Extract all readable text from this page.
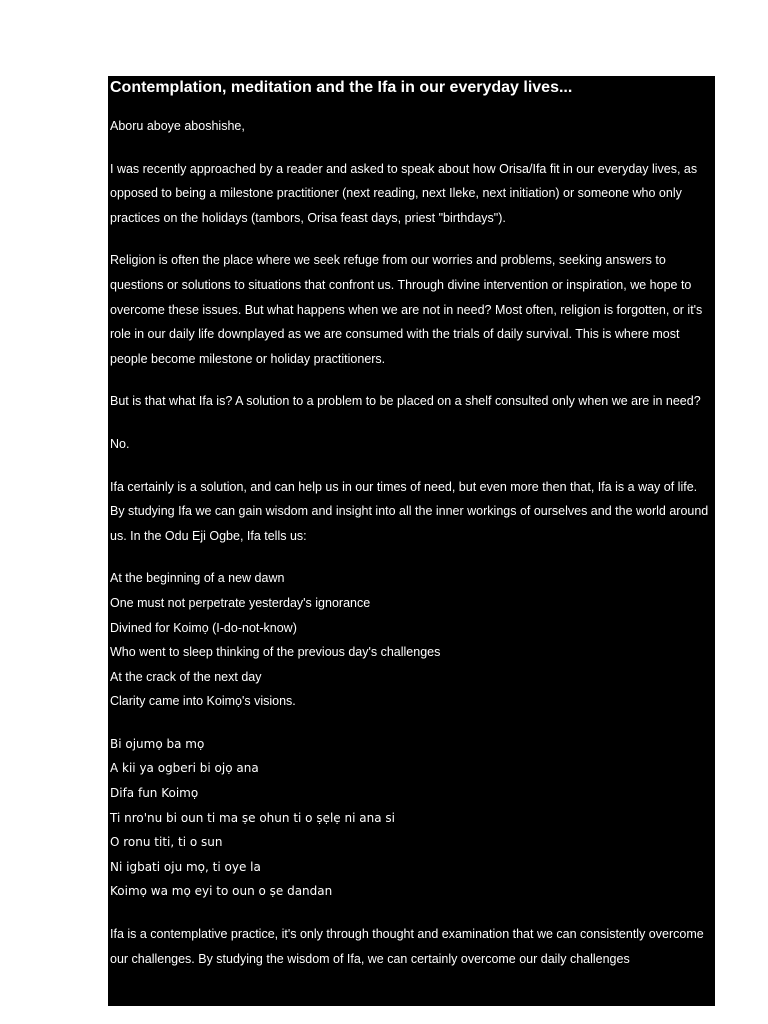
Contemplation, meditation and the Ifa in our everyday lives...

Aboru aboye aboshishe,

I was recently approached by a reader and asked to speak about how Orisa/Ifa fit in our everyday lives, as opposed to being a milestone practitioner (next reading, next Ileke, next initiation) or someone who only practices on the holidays (tambors, Orisa feast days, priest "birthdays").

Religion is often the place where we seek refuge from our worries and problems, seeking answers to questions or solutions to situations that confront us. Through divine intervention or inspiration, we hope to overcome these issues. But what happens when we are not in need? Most often, religion is forgotten, or it's role in our daily life downplayed as we are consumed with the trials of daily survival. This is where most people become milestone or holiday practitioners.

But is that what Ifa is? A solution to a problem to be placed on a shelf consulted only when we are in need?

No.

Ifa certainly is a solution, and can help us in our times of need, but even more then that, Ifa is a way of life. By studying Ifa we can gain wisdom and insight into all the inner workings of ourselves and the world around us. In the Odu Eji Ogbe, Ifa tells us:

At the beginning of a new dawn
One must not perpetrate yesterday's ignorance
Divined for Koimọ (I-do-not-know)
Who went to sleep thinking of the previous day's challenges
At the crack of the next day
Clarity came into Koimọ's visions.
Bi ojumọ ba mọ
A kii ya ogberi bi ojọ ana
Difa fun Koimọ
Ti nro'nu bi oun ti ma ṣe ohun ti o ṣẹlẹ ni ana si
O ronu titi, ti o sun
Ni igbati oju mọ, ti oye la
Koimọ wa mọ eyi to oun o ṣe dandan

Ifa is a contemplative practice, it's only through thought and examination that we can consistently overcome our challenges. By studying the wisdom of Ifa, we can certainly overcome our daily challenges
